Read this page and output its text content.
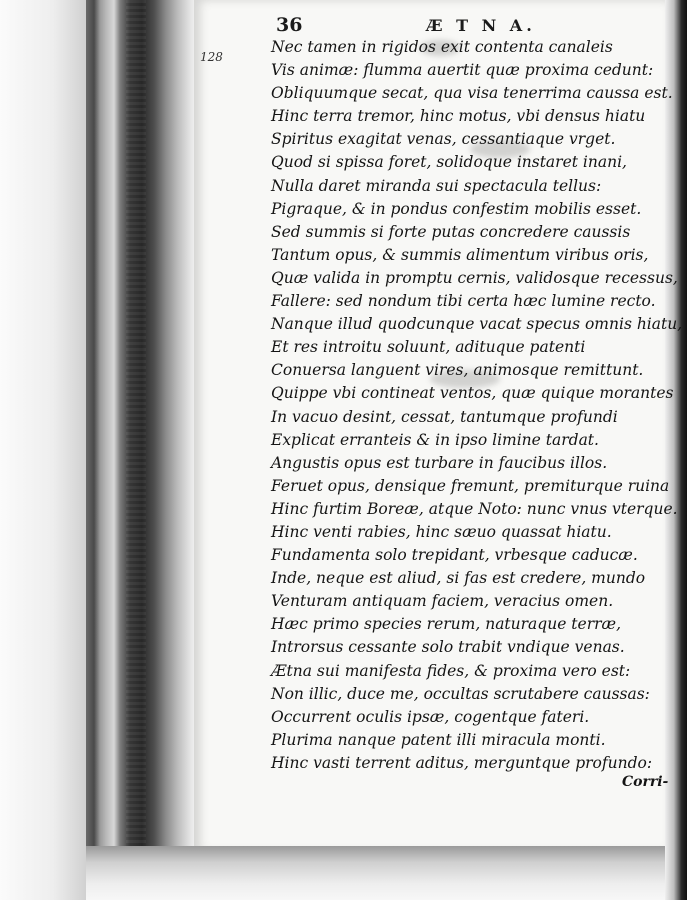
36	Æ T N A.
128
Nec tamen in rigidos exit contenta canaleis
Vis animæ: flumma auertit quæ proxima cedunt:
Obliquumque secat, qua visa tenerrima caussa est.
Hinc terra tremor, hinc motus, vbi densus hiatu
Spiritus exagitat venas, cessantiaque vrget.
Quod si spissa foret, solidoque instaret inani,
Nulla daret miranda sui spectacula tellus:
Pigraque, & in pondus confestim mobilis esset.
Sed summis si forte putas concredere caussis
Tantum opus, & summis alimentum viribus oris,
Quæ valida in promptu cernis, validosque recessus,
Fallere: sed nondum tibi certa hæc lumine recto.
Nanque illud quodcunque vacat specus omnis hiatu,
Et res introitu soluunt, adituque patenti
Conuersa languent vires, animosque remittunt.
Quippe vbi contineat ventos, quæ quique morantes
In vacuo desint, cessat, tantumque profundi
Explicat erranteis & in ipso limine tardat.
Angustis opus est turbare in faucibus illos.
Feruet opus, densique fremunt, premiturque ruina
Hinc furtim Boreæ, atque Noto: nunc vnus vterque.
Hinc venti rabies, hinc sæuo quassat hiatu.
Fundamenta solo trepidant, vrbesque caducæ.
Inde, neque est aliud, si fas est credere, mundo
Venturam antiquam faciem, veracius omen.
Hæc primo species rerum, naturaque terræ,
Introrsus cessante solo trabit vndique venas.
Ætna sui manifesta fides, & proxima vero est:
Non illic, duce me, occultas scrutabere caussas:
Occurrent oculis ipsæ, cogentque fateri.
Plurima nanque patent illi miracula monti.
Hinc vasti terrent aditus, merguntque profundo:
Corri-
